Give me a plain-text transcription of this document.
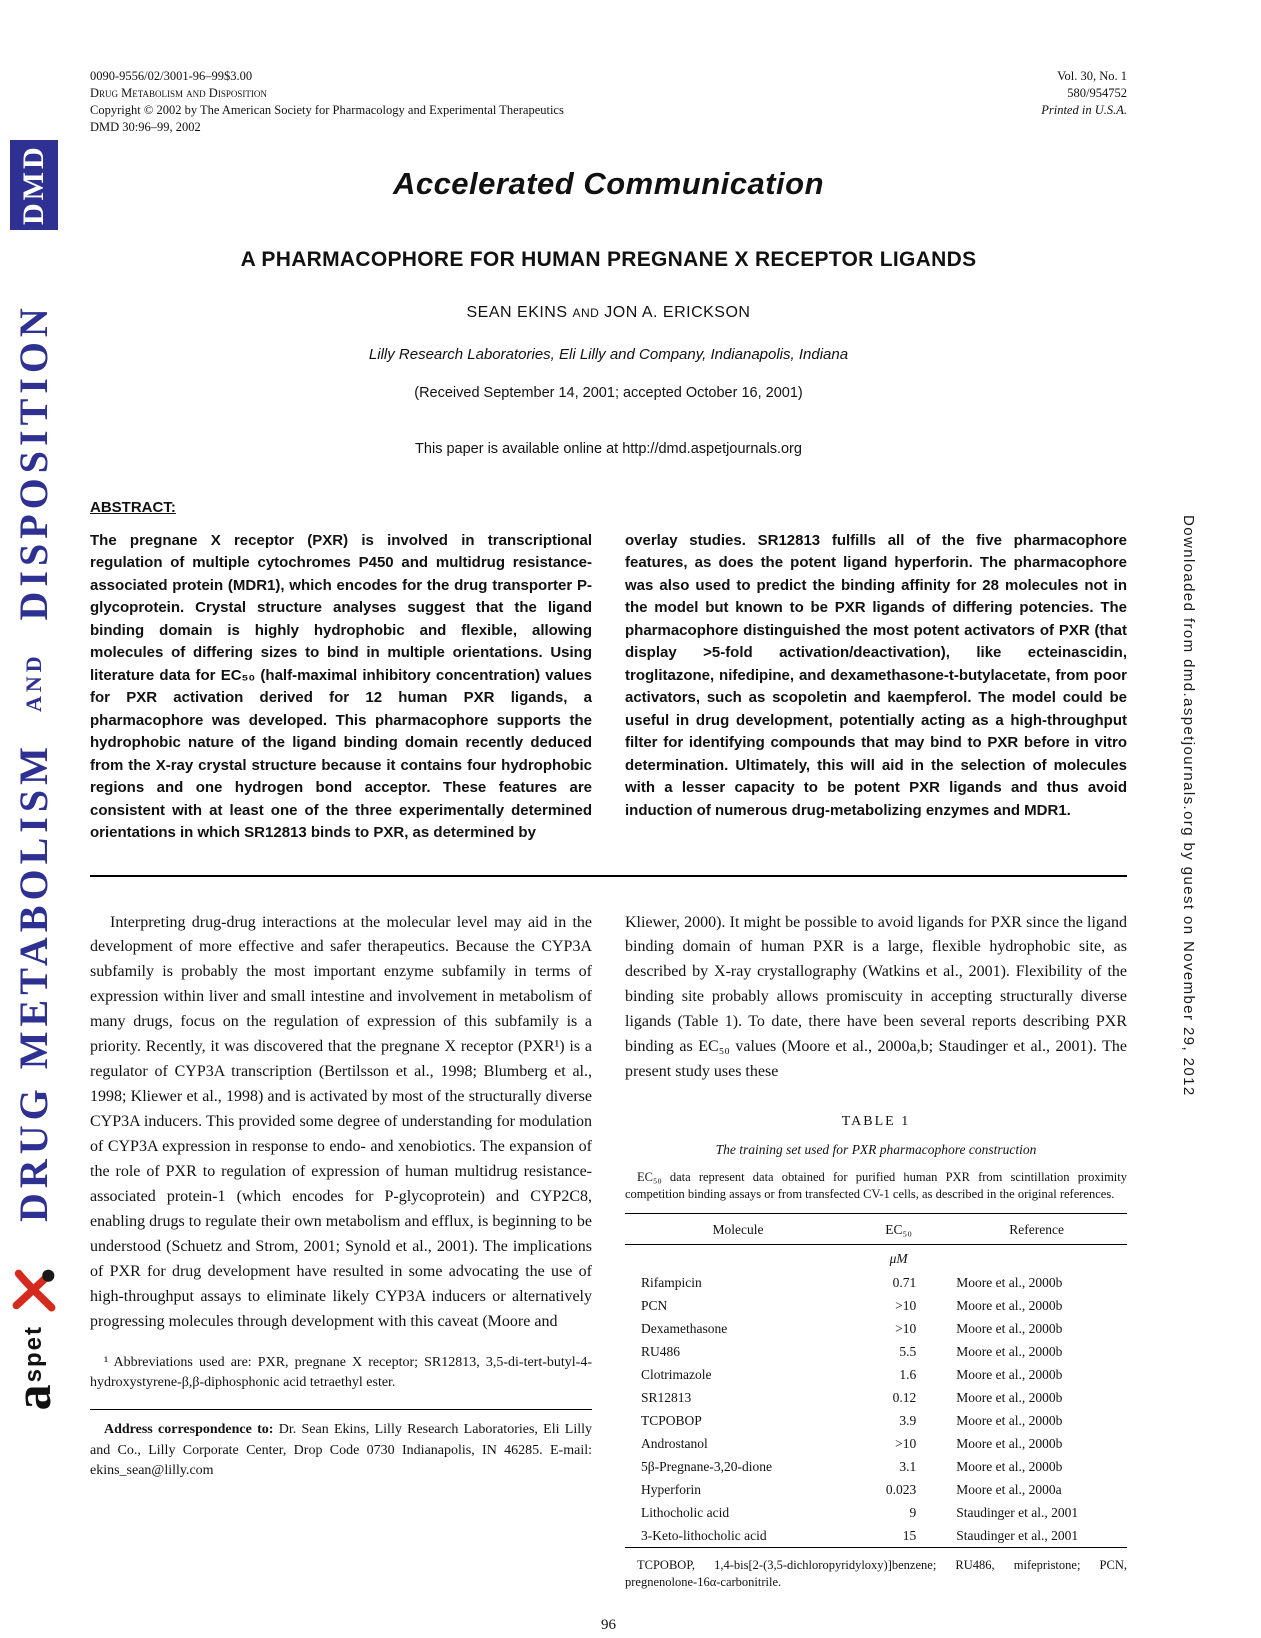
DMD
DRUG METABOLISM AND DISPOSITION
aspet
Downloaded from dmd.aspetjournals.org by guest on November 29, 2012
0090-9556/02/3001-96–99$3.00
Drug Metabolism and Disposition
Copyright © 2002 by The American Society for Pharmacology and Experimental Therapeutics
DMD 30:96–99, 2002
Vol. 30, No. 1
580/954752
Printed in U.S.A.
Accelerated Communication
A PHARMACOPHORE FOR HUMAN PREGNANE X RECEPTOR LIGANDS
SEAN EKINS AND JON A. ERICKSON
Lilly Research Laboratories, Eli Lilly and Company, Indianapolis, Indiana
(Received September 14, 2001; accepted October 16, 2001)
This paper is available online at http://dmd.aspetjournals.org
ABSTRACT:
The pregnane X receptor (PXR) is involved in transcriptional regulation of multiple cytochromes P450 and multidrug resistance-associated protein (MDR1), which encodes for the drug transporter P-glycoprotein. Crystal structure analyses suggest that the ligand binding domain is highly hydrophobic and flexible, allowing molecules of differing sizes to bind in multiple orientations. Using literature data for EC₅₀ (half-maximal inhibitory concentration) values for PXR activation derived for 12 human PXR ligands, a pharmacophore was developed. This pharmacophore supports the hydrophobic nature of the ligand binding domain recently deduced from the X-ray crystal structure because it contains four hydrophobic regions and one hydrogen bond acceptor. These features are consistent with at least one of the three experimentally determined orientations in which SR12813 binds to PXR, as determined by
overlay studies. SR12813 fulfills all of the five pharmacophore features, as does the potent ligand hyperforin. The pharmacophore was also used to predict the binding affinity for 28 molecules not in the model but known to be PXR ligands of differing potencies. The pharmacophore distinguished the most potent activators of PXR (that display >5-fold activation/deactivation), like ecteinascidin, troglitazone, nifedipine, and dexamethasone-t-butylacetate, from poor activators, such as scopoletin and kaempferol. The model could be useful in drug development, potentially acting as a high-throughput filter for identifying compounds that may bind to PXR before in vitro determination. Ultimately, this will aid in the selection of molecules with a lesser capacity to be potent PXR ligands and thus avoid induction of numerous drug-metabolizing enzymes and MDR1.

Interpreting drug-drug interactions at the molecular level may aid in the development of more effective and safer therapeutics. Because the CYP3A subfamily is probably the most important enzyme subfamily in terms of expression within liver and small intestine and involvement in metabolism of many drugs, focus on the regulation of expression of this subfamily is a priority. Recently, it was discovered that the pregnane X receptor (PXR¹) is a regulator of CYP3A transcription (Bertilsson et al., 1998; Blumberg et al., 1998; Kliewer et al., 1998) and is activated by most of the structurally diverse CYP3A inducers. This provided some degree of understanding for modulation of CYP3A expression in response to endo- and xenobiotics. The expansion of the role of PXR to regulation of expression of human multidrug resistance-associated protein-1 (which encodes for P-glycoprotein) and CYP2C8, enabling drugs to regulate their own metabolism and efflux, is beginning to be understood (Schuetz and Strom, 2001; Synold et al., 2001). The implications of PXR for drug development have resulted in some advocating the use of high-throughput assays to eliminate likely CYP3A inducers or alternatively progressing molecules through development with this caveat (Moore and

¹ Abbreviations used are: PXR, pregnane X receptor; SR12813, 3,5-di-tert-butyl-4-hydroxystyrene-β,β-diphosphonic acid tetraethyl ester.
Address correspondence to: Dr. Sean Ekins, Lilly Research Laboratories, Eli Lilly and Co., Lilly Corporate Center, Drop Code 0730 Indianapolis, IN 46285. E-mail: ekins_sean@lilly.com

Kliewer, 2000). It might be possible to avoid ligands for PXR since the ligand binding domain of human PXR is a large, flexible hydrophobic site, as described by X-ray crystallography (Watkins et al., 2001). Flexibility of the binding site probably allows promiscuity in accepting structurally diverse ligands (Table 1). To date, there have been several reports describing PXR binding as EC₅₀ values (Moore et al., 2000a,b; Staudinger et al., 2001). The present study uses these

TABLE 1
The training set used for PXR pharmacophore construction
EC₅₀ data represent data obtained for purified human PXR from scintillation proximity competition binding assays or from transfected CV-1 cells, as described in the original references.
Molecule	EC₅₀	Reference
	μM	
Rifampicin	0.71	Moore et al., 2000b
PCN	>10	Moore et al., 2000b
Dexamethasone	>10	Moore et al., 2000b
RU486	5.5	Moore et al., 2000b
Clotrimazole	1.6	Moore et al., 2000b
SR12813	0.12	Moore et al., 2000b
TCPOBOP	3.9	Moore et al., 2000b
Androstanol	>10	Moore et al., 2000b
5β-Pregnane-3,20-dione	3.1	Moore et al., 2000b
Hyperforin	0.023	Moore et al., 2000a
Lithocholic acid	9	Staudinger et al., 2001
3-Keto-lithocholic acid	15	Staudinger et al., 2001
TCPOBOP, 1,4-bis[2-(3,5-dichloropyridyloxy)]benzene; RU486, mifepristone; PCN, pregnenolone-16α-carbonitrile.
96
